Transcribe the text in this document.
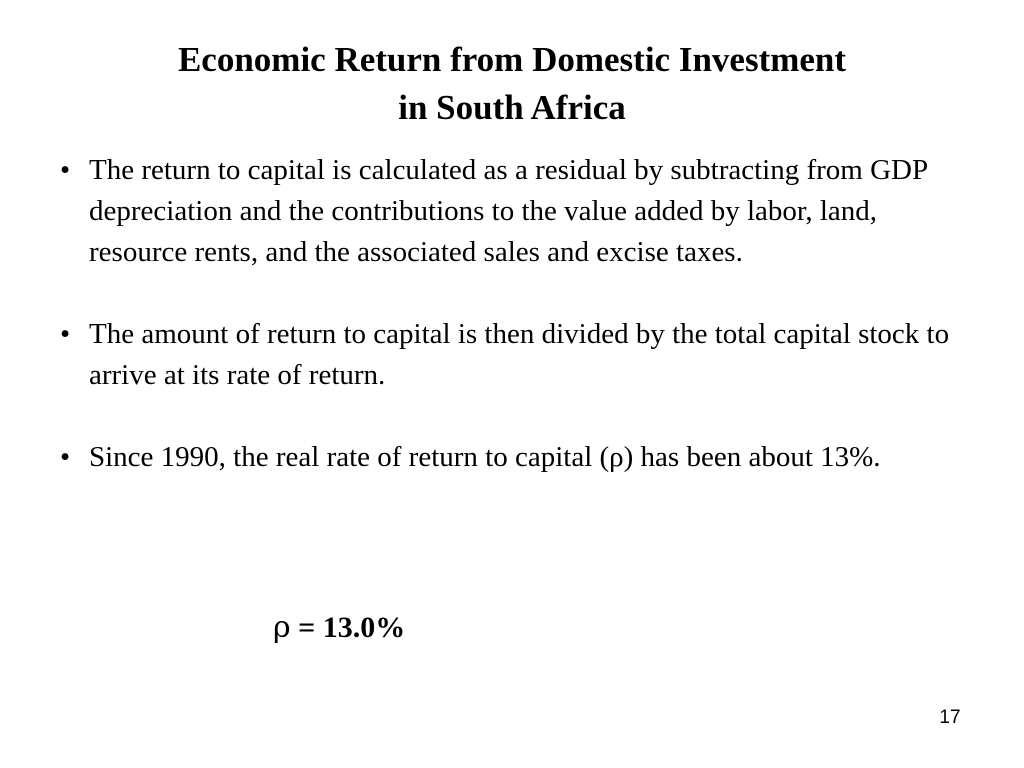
Economic Return from Domestic Investment
in South Africa
• The return to capital is calculated as a residual by subtracting from GDP depreciation and the contributions to the value added by labor, land, resource rents, and the associated sales and excise taxes.
• The amount of return to capital is then divided by the total capital stock to arrive at its rate of return.
• Since 1990, the real rate of return to capital (ρ) has been about 13%.
ρ = 13.0%
17
